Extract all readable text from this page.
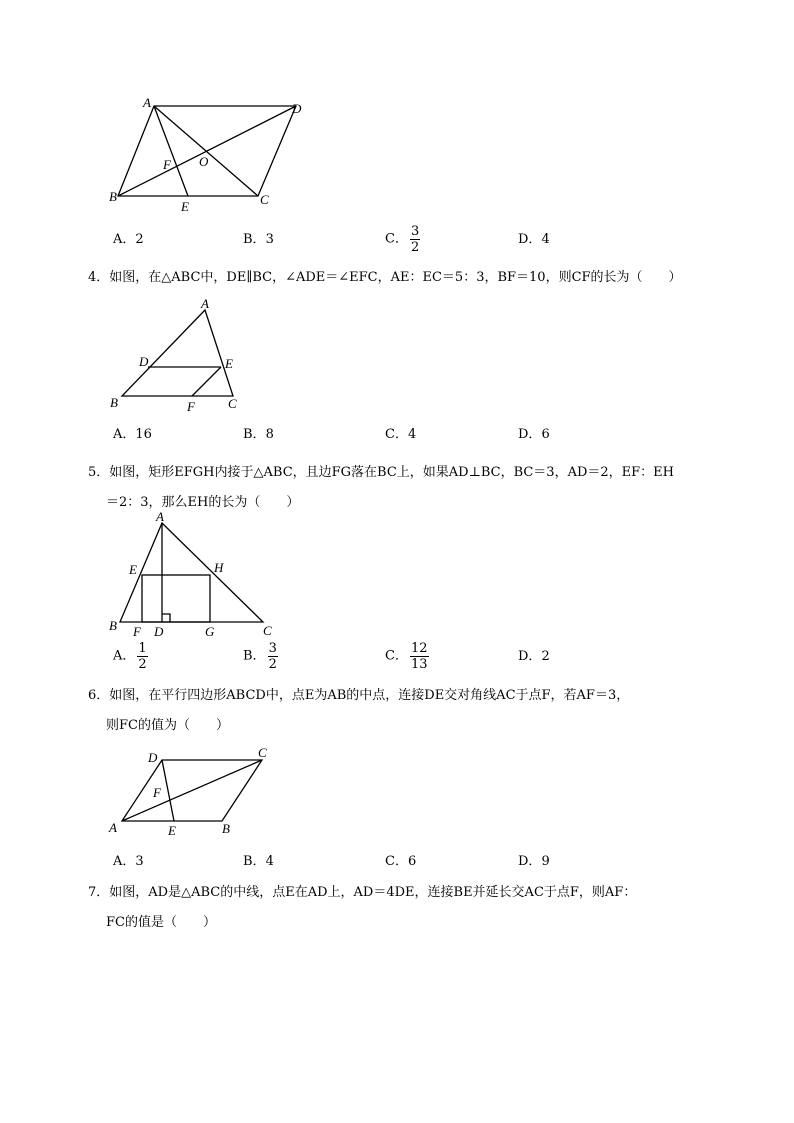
A	D
O
F
B
E	C
A．2	B．3	C． $\frac{3}{2}$	D．4
4．如图，在△ABC中，DE∥BC，∠ADE＝∠EFC，AE：EC＝5：3，BF＝10，则CF的长为（　　）
A
D	E
B	F	C
A．16	B．8	C．4	D．6
5．如图，矩形EFGH内接于△ABC，且边FG落在BC上，如果AD⊥BC，BC＝3，AD＝2，EF：EH
＝2：3，那么EH的长为（　　）
A
E	H
B F D	G	C
A． $\frac{1}{2}$	B． $\frac{3}{2}$	C． $\frac{12}{13}$	D．2
6．如图，在平行四边形ABCD中，点E为AB的中点，连接DE交对角线AC于点F，若AF＝3，
则FC的值为（　　）
D	C
F
A	E	B
A．3	B．4	C．6	D．9
7．如图，AD是△ABC的中线，点E在AD上，AD＝4DE，连接BE并延长交AC于点F，则AF：
FC的值是（　　）
